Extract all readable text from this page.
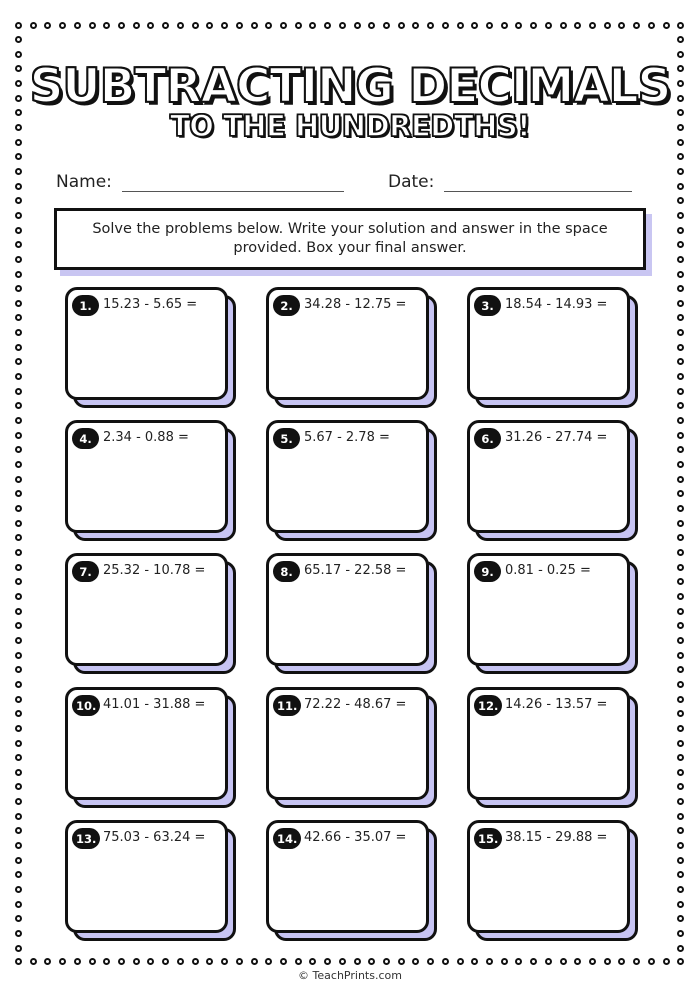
SUBTRACTING DECIMALS
TO THE HUNDREDTHS!
Name:	Date:
Solve the problems below. Write your solution and answer in the space provided. Box your final answer.
1. 15.23 - 5.65 =	2. 34.28 - 12.75 =	3. 18.54 - 14.93 =
4. 2.34 - 0.88 =	5. 5.67 - 2.78 =	6. 31.26 - 27.74 =
7. 25.32 - 10.78 =	8. 65.17 - 22.58 =	9. 0.81 - 0.25 =
10. 41.01 - 31.88 =	11. 72.22 - 48.67 =	12. 14.26 - 13.57 =
13. 75.03 - 63.24 =	14. 42.66 - 35.07 =	15. 38.15 - 29.88 =
© TeachPrints.com
